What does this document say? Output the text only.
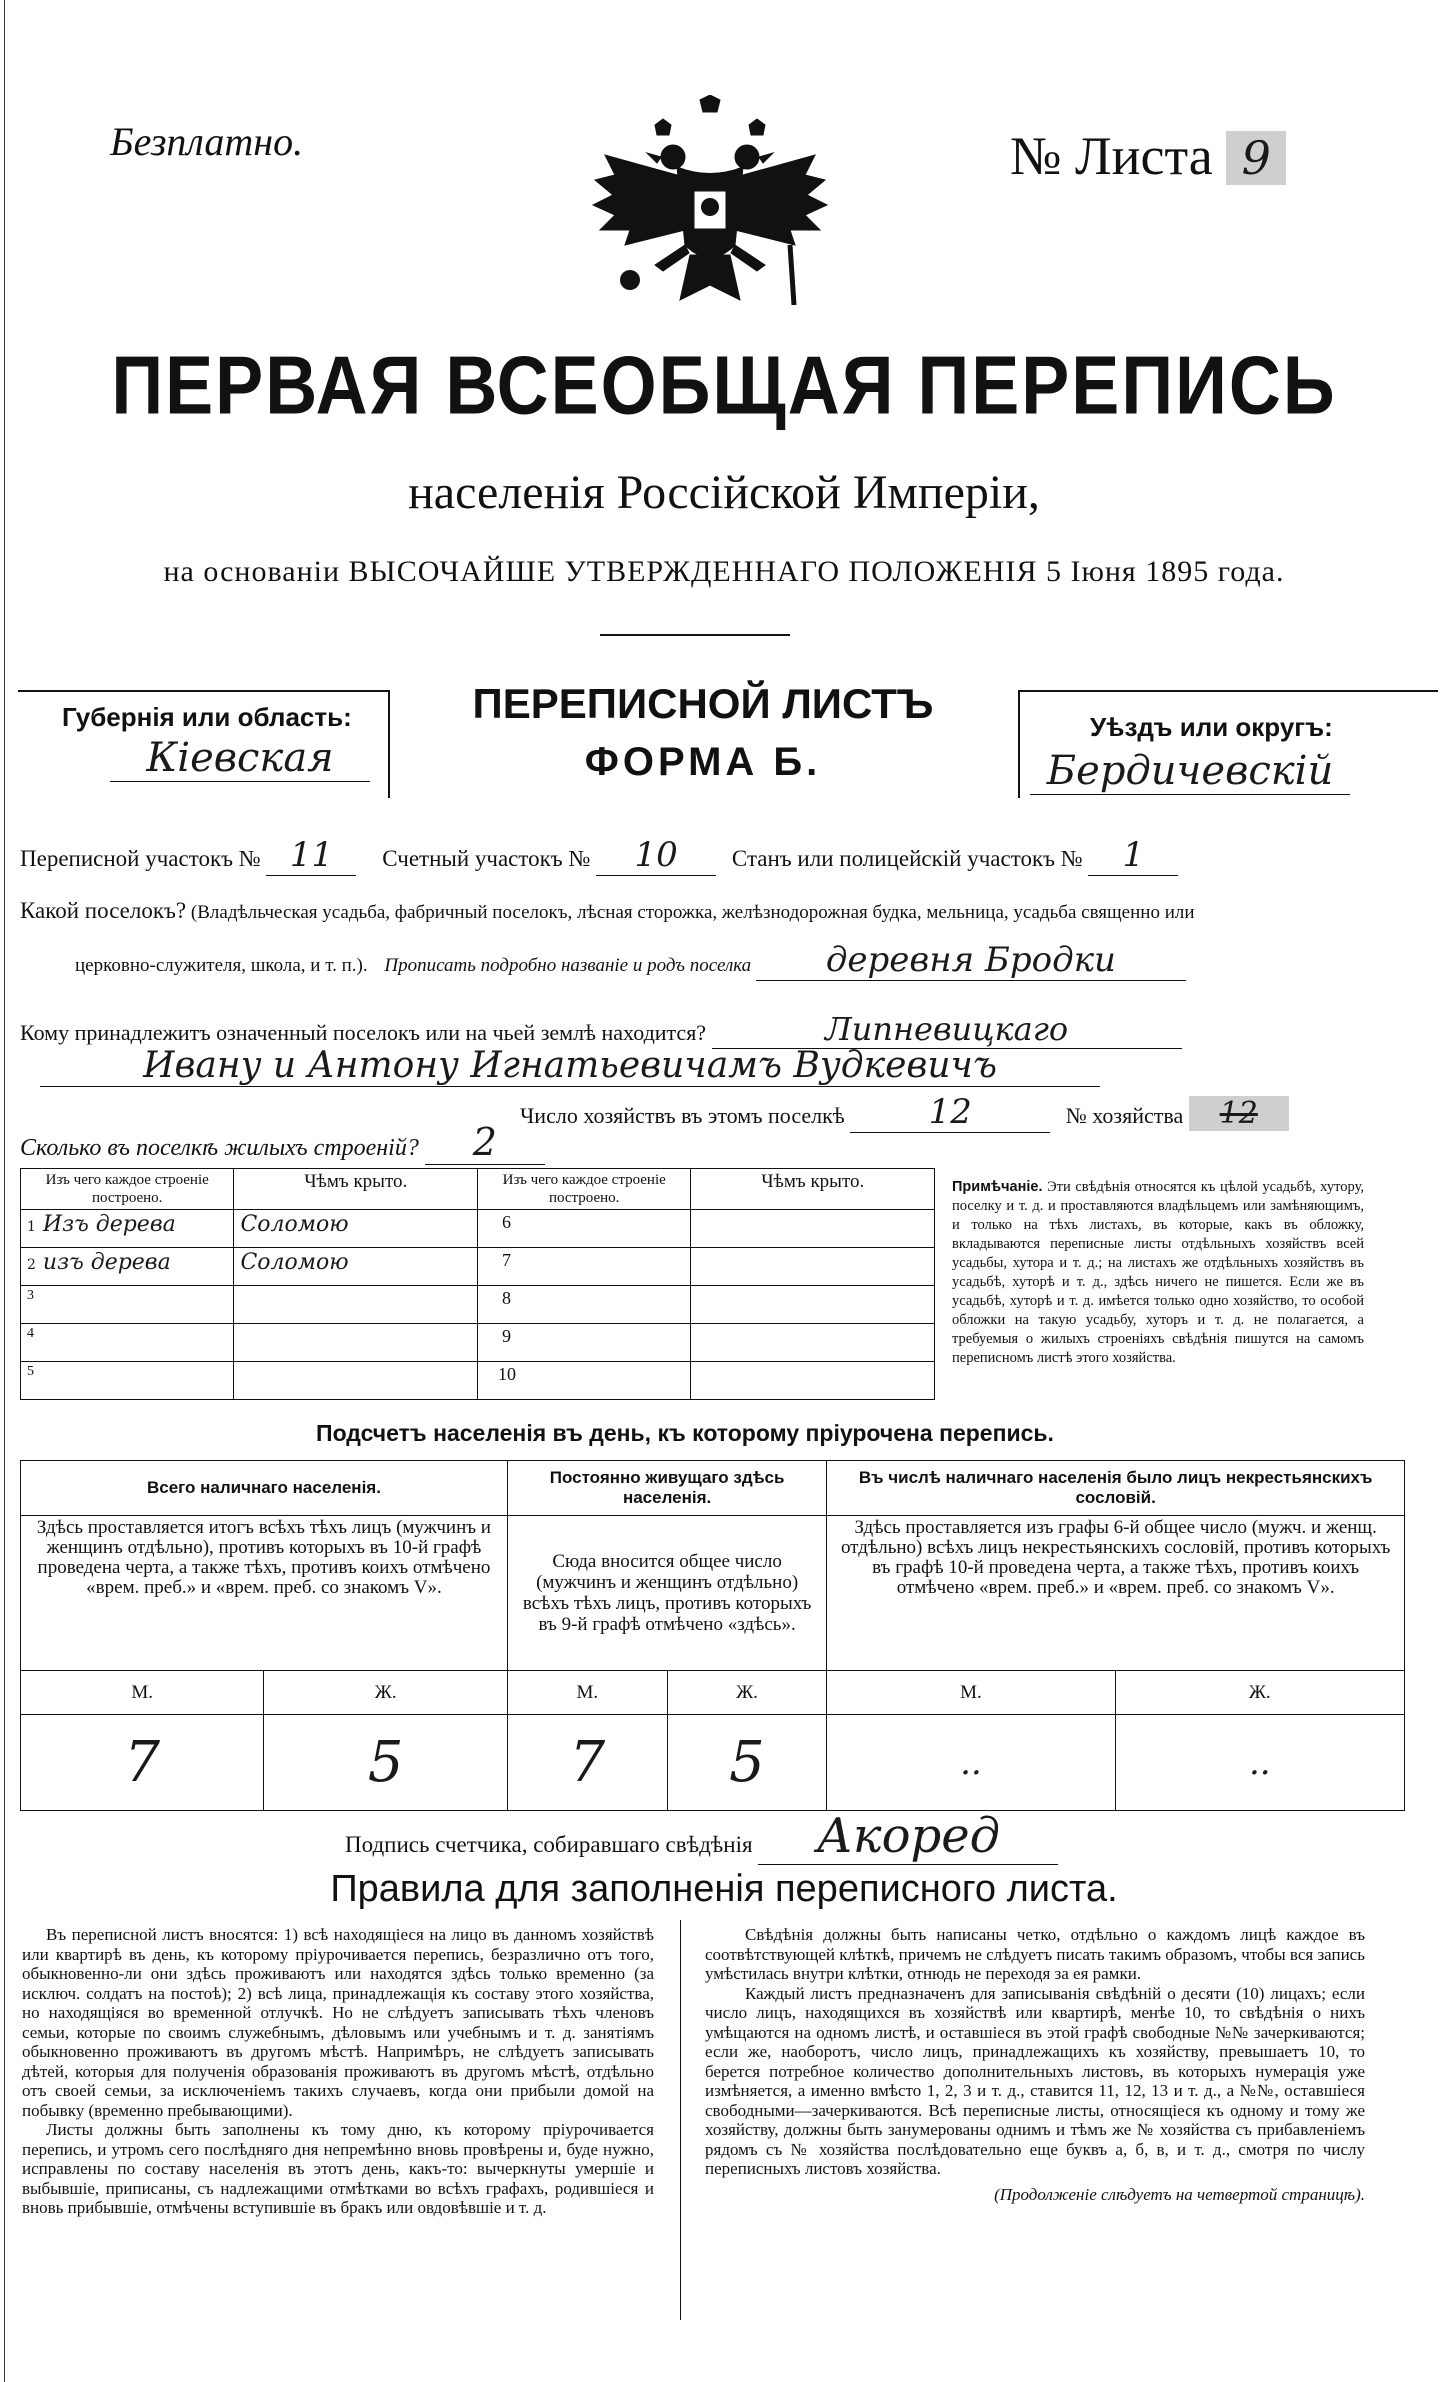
Безплатно.	№ Листа 9
ПЕРВАЯ ВСЕОБЩАЯ ПЕРЕПИСЬ
населенія Россійской Имперіи,
на основаніи ВЫСОЧАЙШЕ УТВЕРЖДЕННАГО ПОЛОЖЕНІЯ 5 Іюня 1895 года.
Губернія или область:
Кіевская
ПЕРЕПИСНОЙ ЛИСТЪ
ФОРМА Б.
Уѣздъ или округъ:
Бердичевскій
Переписной участокъ № 11 Счетный участокъ № 10 Станъ или полицейскій участокъ № 1
Какой поселокъ? (Владѣльческая усадьба, фабричный поселокъ, лѣсная сторожка, желѣзнодорожная будка, мельница, усадьба священно или
церковно-служителя, школа, и т. п.). Прописать подробно названіе и родъ поселка деревня Бродки
Кому принадлежитъ означенный поселокъ или на чьей землѣ находится?	Липневицкаго
Ивану и Антону Игнатьевичамъ Вудкевичъ
Число хозяйствъ въ этомъ поселкѣ 12	№ хозяйства 12
Сколько въ поселкѣ жилыхъ строеній? 2
Изъ чего каждое строеніе построено.	Чѣмъ крыто.	Изъ чего каждое строеніе построено.	Чѣмъ крыто.
1 Изъ дерева	Соломою	6	
2 изъ дерева	Соломою	7	
3		8	
4		9	
5		10	
Примѣчаніе. Эти свѣдѣнія относятся къ цѣлой усадьбѣ, хутору, поселку и т. д. и проставляются владѣльцемъ или замѣняющимъ, и только на тѣхъ листахъ, въ которые, какъ въ обложку, вкладываются переписные листы отдѣльныхъ хозяйствъ всей усадьбы, хутора и т. д.; на листахъ же отдѣльныхъ хозяйствъ въ усадьбѣ, хуторѣ и т. д., здѣсь ничего не пишется. Если же въ усадьбѣ, хуторѣ и т. д. имѣется только одно хозяйство, то особой обложки на такую усадьбу, хуторъ и т. д. не полагается, а требуемыя о жилыхъ строеніяхъ свѣдѣнія пишутся на самомъ переписномъ листѣ этого хозяйства.
Подсчетъ населенія въ день, къ которому пріурочена перепись.
Всего наличнаго населенія.		Постоянно живущаго здѣсь населенія.		Въ числѣ наличнаго населенія было лицъ некрестьянскихъ сословій.	
Здѣсь проставляется итогъ всѣхъ тѣхъ лицъ (мужчинъ и женщинъ отдѣльно), противъ которыхъ въ 10-й графѣ проведена черта, а также тѣхъ, противъ коихъ отмѣчено «врем. преб.» и «врем. преб. со знакомъ V».		Сюда вносится общее число (мужчинъ и женщинъ отдѣльно) всѣхъ тѣхъ лицъ, противъ которыхъ въ 9-й графѣ отмѣчено «здѣсь».		Здѣсь проставляется изъ графы 6-й общее число (мужч. и женщ. отдѣльно) всѣхъ лицъ некрестьянскихъ сословій, противъ которыхъ въ графѣ 10-й проведена черта, а также тѣхъ, противъ коихъ отмѣчено «врем. преб.» и «врем. преб. со знакомъ V».	
М.	Ж.	М.	Ж.	М.	Ж.
7	5	7	5	..	..
Подпись счетчика, собиравшаго свѣдѣнія Акоред
Правила для заполненія переписного листа.

Въ переписной листъ вносятся: 1) всѣ находящіеся на лицо въ данномъ хозяйствѣ или квартирѣ въ день, къ которому пріурочивается перепись, безразлично отъ того, обыкновенно-ли они здѣсь проживаютъ или находятся здѣсь только временно (за исключ. солдатъ на постоѣ); 2) всѣ лица, принадлежащія къ составу этого хозяйства, но находящіяся во временной отлучкѣ. Но не слѣдуетъ записывать тѣхъ членовъ семьи, которые по своимъ служебнымъ, дѣловымъ или учебнымъ и т. д. занятіямъ обыкновенно проживаютъ въ другомъ мѣстѣ. Напримѣръ, не слѣдуетъ записывать дѣтей, которыя для полученія образованія проживаютъ въ другомъ мѣстѣ, отдѣльно отъ своей семьи, за исключеніемъ такихъ случаевъ, когда они прибыли домой на побывку (временно пребывающими).

Листы должны быть заполнены къ тому дню, къ которому пріурочивается перепись, и утромъ сего послѣдняго дня непремѣнно вновь провѣрены и, буде нужно, исправлены по составу населенія въ этотъ день, какъ-то: вычеркнуты умершіе и выбывшіе, приписаны, съ надлежащими отмѣтками во всѣхъ графахъ, родившіеся и вновь прибывшіе, отмѣчены вступившіе въ бракъ или овдовѣвшіе и т. д.

Свѣдѣнія должны быть написаны четко, отдѣльно о каждомъ лицѣ каждое въ соотвѣтствующей клѣткѣ, причемъ не слѣдуетъ писать такимъ образомъ, чтобы вся запись умѣстилась внутри клѣтки, отнюдь не переходя за ея рамки.

Каждый листъ предназначенъ для записыванія свѣдѣній о десяти (10) лицахъ; если число лицъ, находящихся въ хозяйствѣ или квартирѣ, менѣе 10, то свѣдѣнія о нихъ умѣщаются на одномъ листѣ, и оставшіеся въ этой графѣ свободные №№ зачеркиваются; если же, наоборотъ, число лицъ, принадлежащихъ къ хозяйству, превышаетъ 10, то берется потребное количество дополнительныхъ листовъ, въ которыхъ нумерація уже измѣняется, а именно вмѣсто 1, 2, 3 и т. д., ставится 11, 12, 13 и т. д., а №№, оставшіеся свободными—зачеркиваются. Всѣ переписные листы, относящіеся къ одному и тому же хозяйству, должны быть занумерованы однимъ и тѣмъ же № хозяйства съ прибавленіемъ рядомъ съ № хозяйства послѣдовательно еще буквъ а, б, в, и т. д., смотря по числу переписныхъ листовъ хозяйства.

(Продолженіе слѣдуетъ на четвертой страницѣ).
